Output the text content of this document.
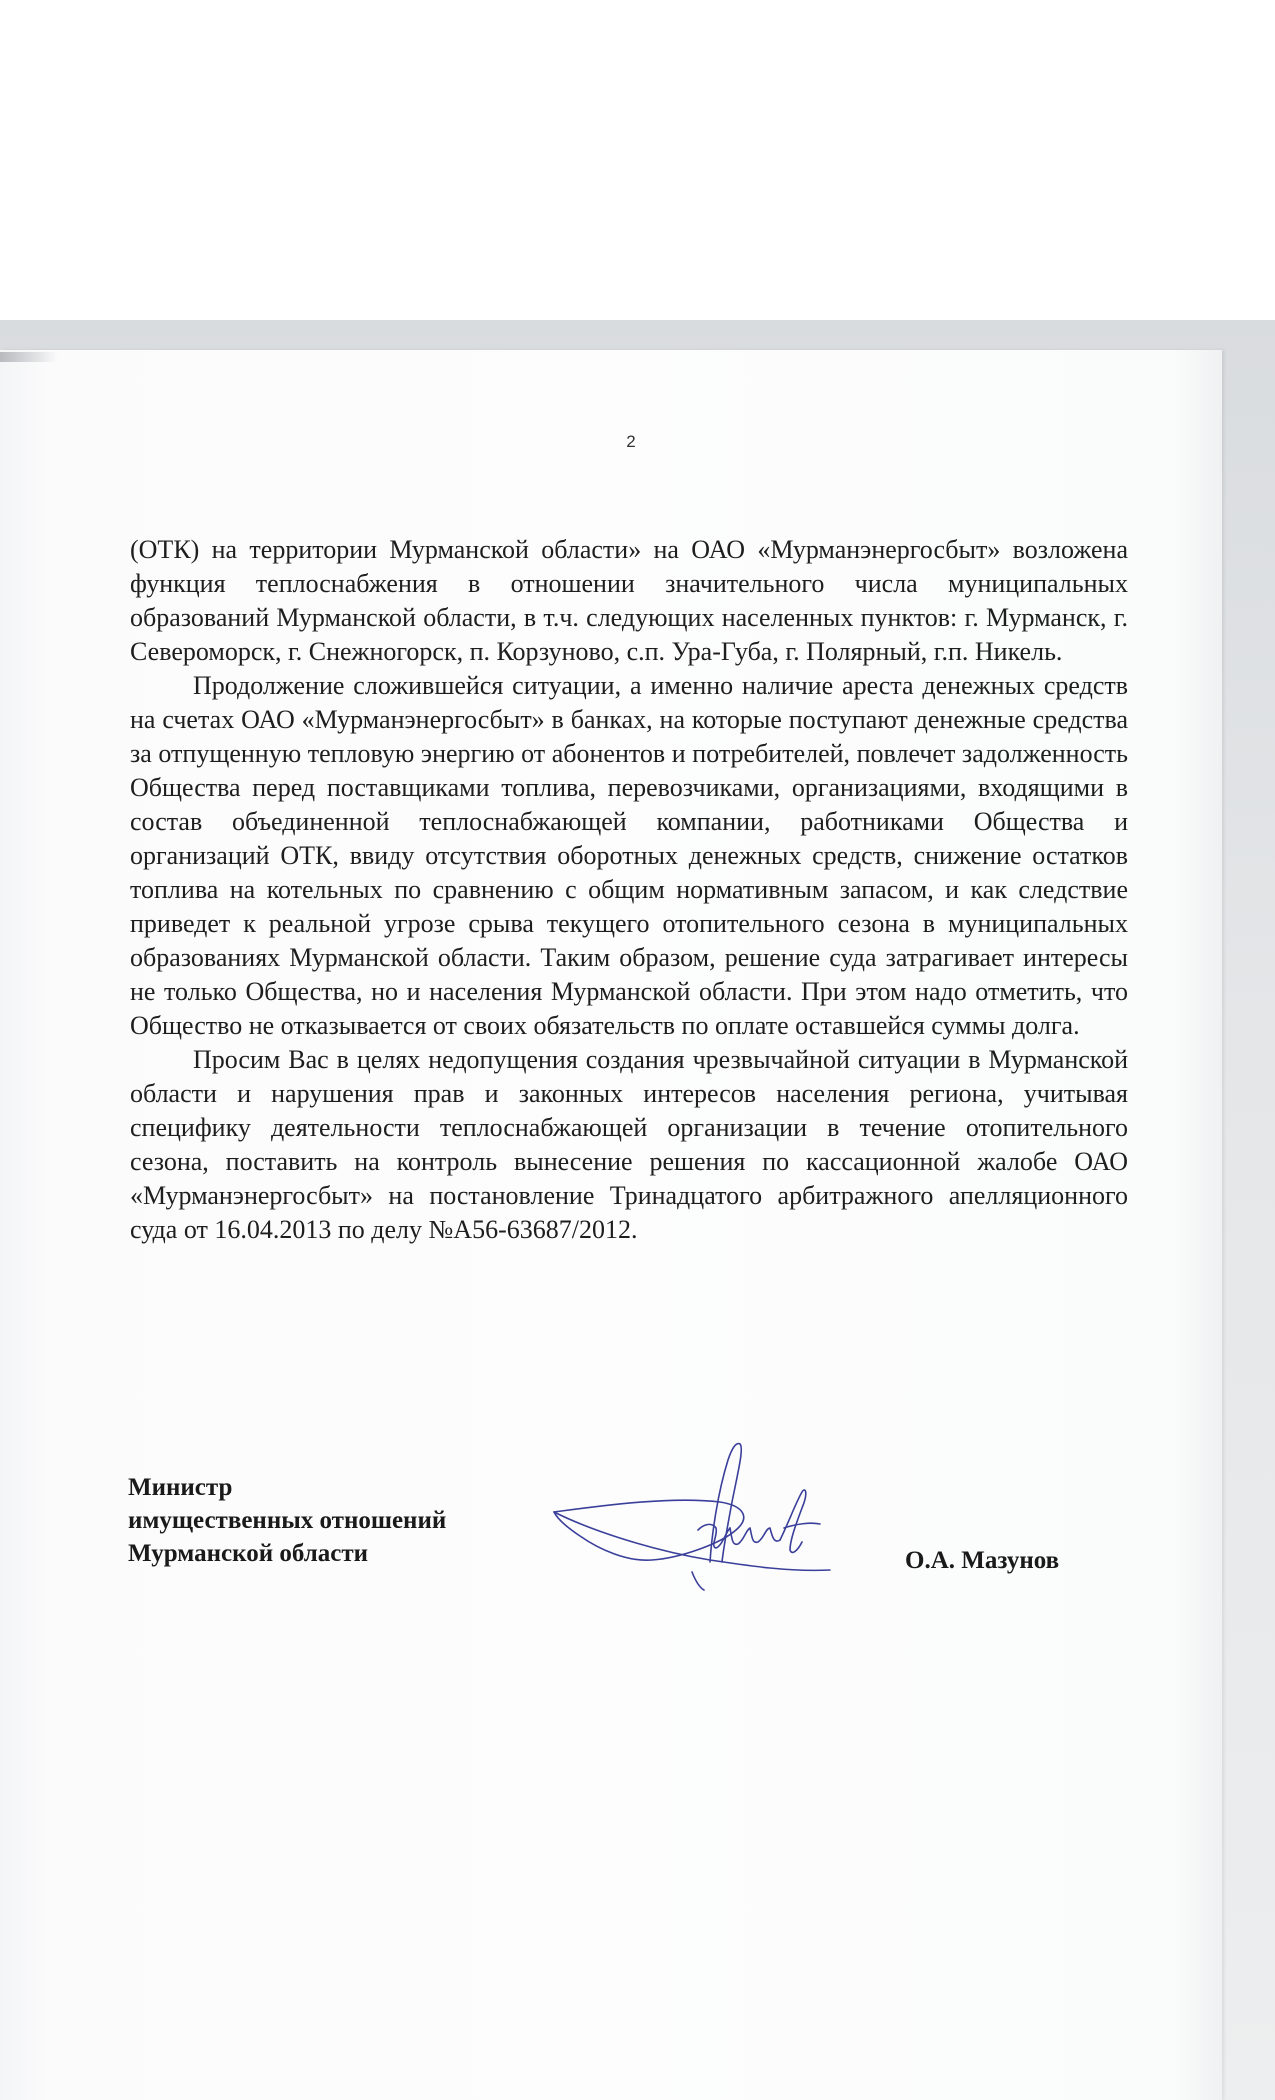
2

(ОТК) на территории Мурманской области» на ОАО «Мурманэнергосбыт» возложена функция теплоснабжения в отношении значительного числа муниципальных образований Мурманской области, в т.ч. следующих населенных пунктов: г. Мурманск, г. Североморск, г. Снежногорск, п. Корзуново, с.п. Ура-Губа, г. Полярный, г.п. Никель.

Продолжение сложившейся ситуации, а именно наличие ареста денежных средств на счетах ОАО «Мурманэнергосбыт» в банках, на которые поступают денежные средства за отпущенную тепловую энергию от абонентов и потребителей, повлечет задолженность Общества перед поставщиками топлива, перевозчиками, организациями, входящими в состав объединенной теплоснабжающей компании, работниками Общества и организаций ОТК, ввиду отсутствия оборотных денежных средств, снижение остатков топлива на котельных по сравнению с общим нормативным запасом, и как следствие приведет к реальной угрозе срыва текущего отопительного сезона в муниципальных образованиях Мурманской области. Таким образом, решение суда затрагивает интересы не только Общества, но и населения Мурманской области. При этом надо отметить, что Общество не отказывается от своих обязательств по оплате оставшейся суммы долга.

Просим Вас в целях недопущения создания чрезвычайной ситуации в Мурманской области и нарушения прав и законных интересов населения региона, учитывая специфику деятельности теплоснабжающей организации в течение отопительного сезона, поставить на контроль вынесение решения по кассационной жалобе ОАО «Мурманэнергосбыт» на постановление Тринадцатого арбитражного апелляционного суда от 16.04.2013 по делу №А56-63687/2012.

Министр
имущественных отношений
Мурманской области	О.А. Мазунов
